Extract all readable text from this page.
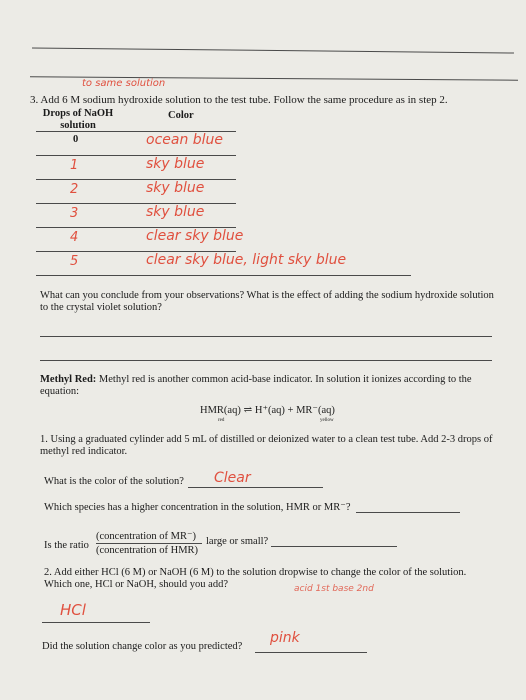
to same solution
3. Add 6 M sodium hydroxide solution to the test tube. Follow the same procedure as in step 2.
Drops of NaOH solution
Color
0	ocean blue
1	sky blue
2	sky blue
3	sky blue
4	clear sky blue
5	clear sky blue, light sky blue
What can you conclude from your observations? What is the effect of adding the sodium hydroxide solution to the crystal violet solution?
Methyl Red: Methyl red is another common acid-base indicator. In solution it ionizes according to the equation:
HMR(aq) ⇌ H⁺(aq) + MR⁻(aq)
red	yellow
1. Using a graduated cylinder add 5 mL of distilled or deionized water to a clean test tube. Add 2-3 drops of methyl red indicator.
What is the color of the solution? Clear
Which species has a higher concentration in the solution, HMR or MR⁻?
Is the ratio
(concentration of MR⁻)
(concentration of HMR)
large or small?
2. Add either HCl (6 M) or NaOH (6 M) to the solution dropwise to change the color of the solution. Which one, HCl or NaOH, should you add?	acid 1st base 2nd
HCl
Did the solution change color as you predicted?
pink
